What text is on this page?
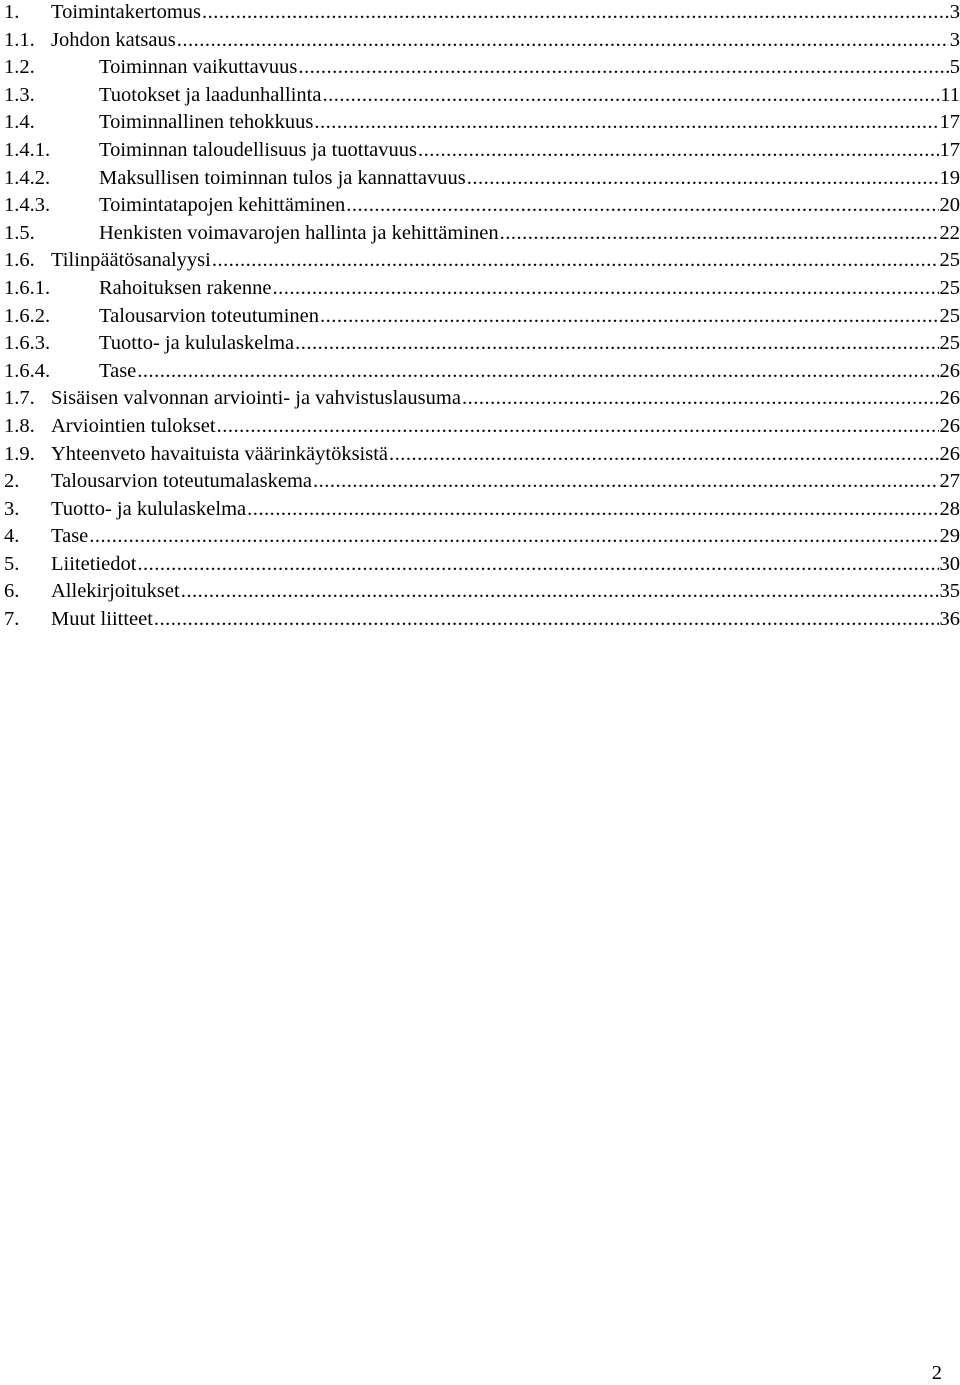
1.	Toimintakertomus .....	3
1.1. Johdon katsaus .....	3
1.2.	Toiminnan vaikuttavuus .....	5
1.3.	Tuotokset ja laadunhallinta .....	11
1.4.	Toiminnallinen tehokkuus .....	17
1.4.1.	Toiminnan taloudellisuus ja tuottavuus .....	17
1.4.2.	Maksullisen toiminnan tulos ja kannattavuus .....	19
1.4.3.	Toimintatapojen kehittäminen .....	20
1.5.	Henkisten voimavarojen hallinta ja kehittäminen .....	22
1.6. Tilinpäätösanalyysi .....	25
1.6.1.	Rahoituksen rakenne .....	25
1.6.2.	Talousarvion toteutuminen .....	25
1.6.3.	Tuotto- ja kululaskelma .....	25
1.6.4.	Tase .....	26
1.7. Sisäisen valvonnan arviointi- ja vahvistuslausuma .....	26
1.8. Arviointien tulokset .....	26
1.9. Yhteenveto havaituista väärinkäytöksistä .....	26
2.	Talousarvion toteutumalaskema .....	27
3.	Tuotto- ja kululaskelma .....	28
4.	Tase .....	29
5.	Liitetiedot .....	30
6.	Allekirjoitukset .....	35
7.	Muut liitteet .....	36
2
